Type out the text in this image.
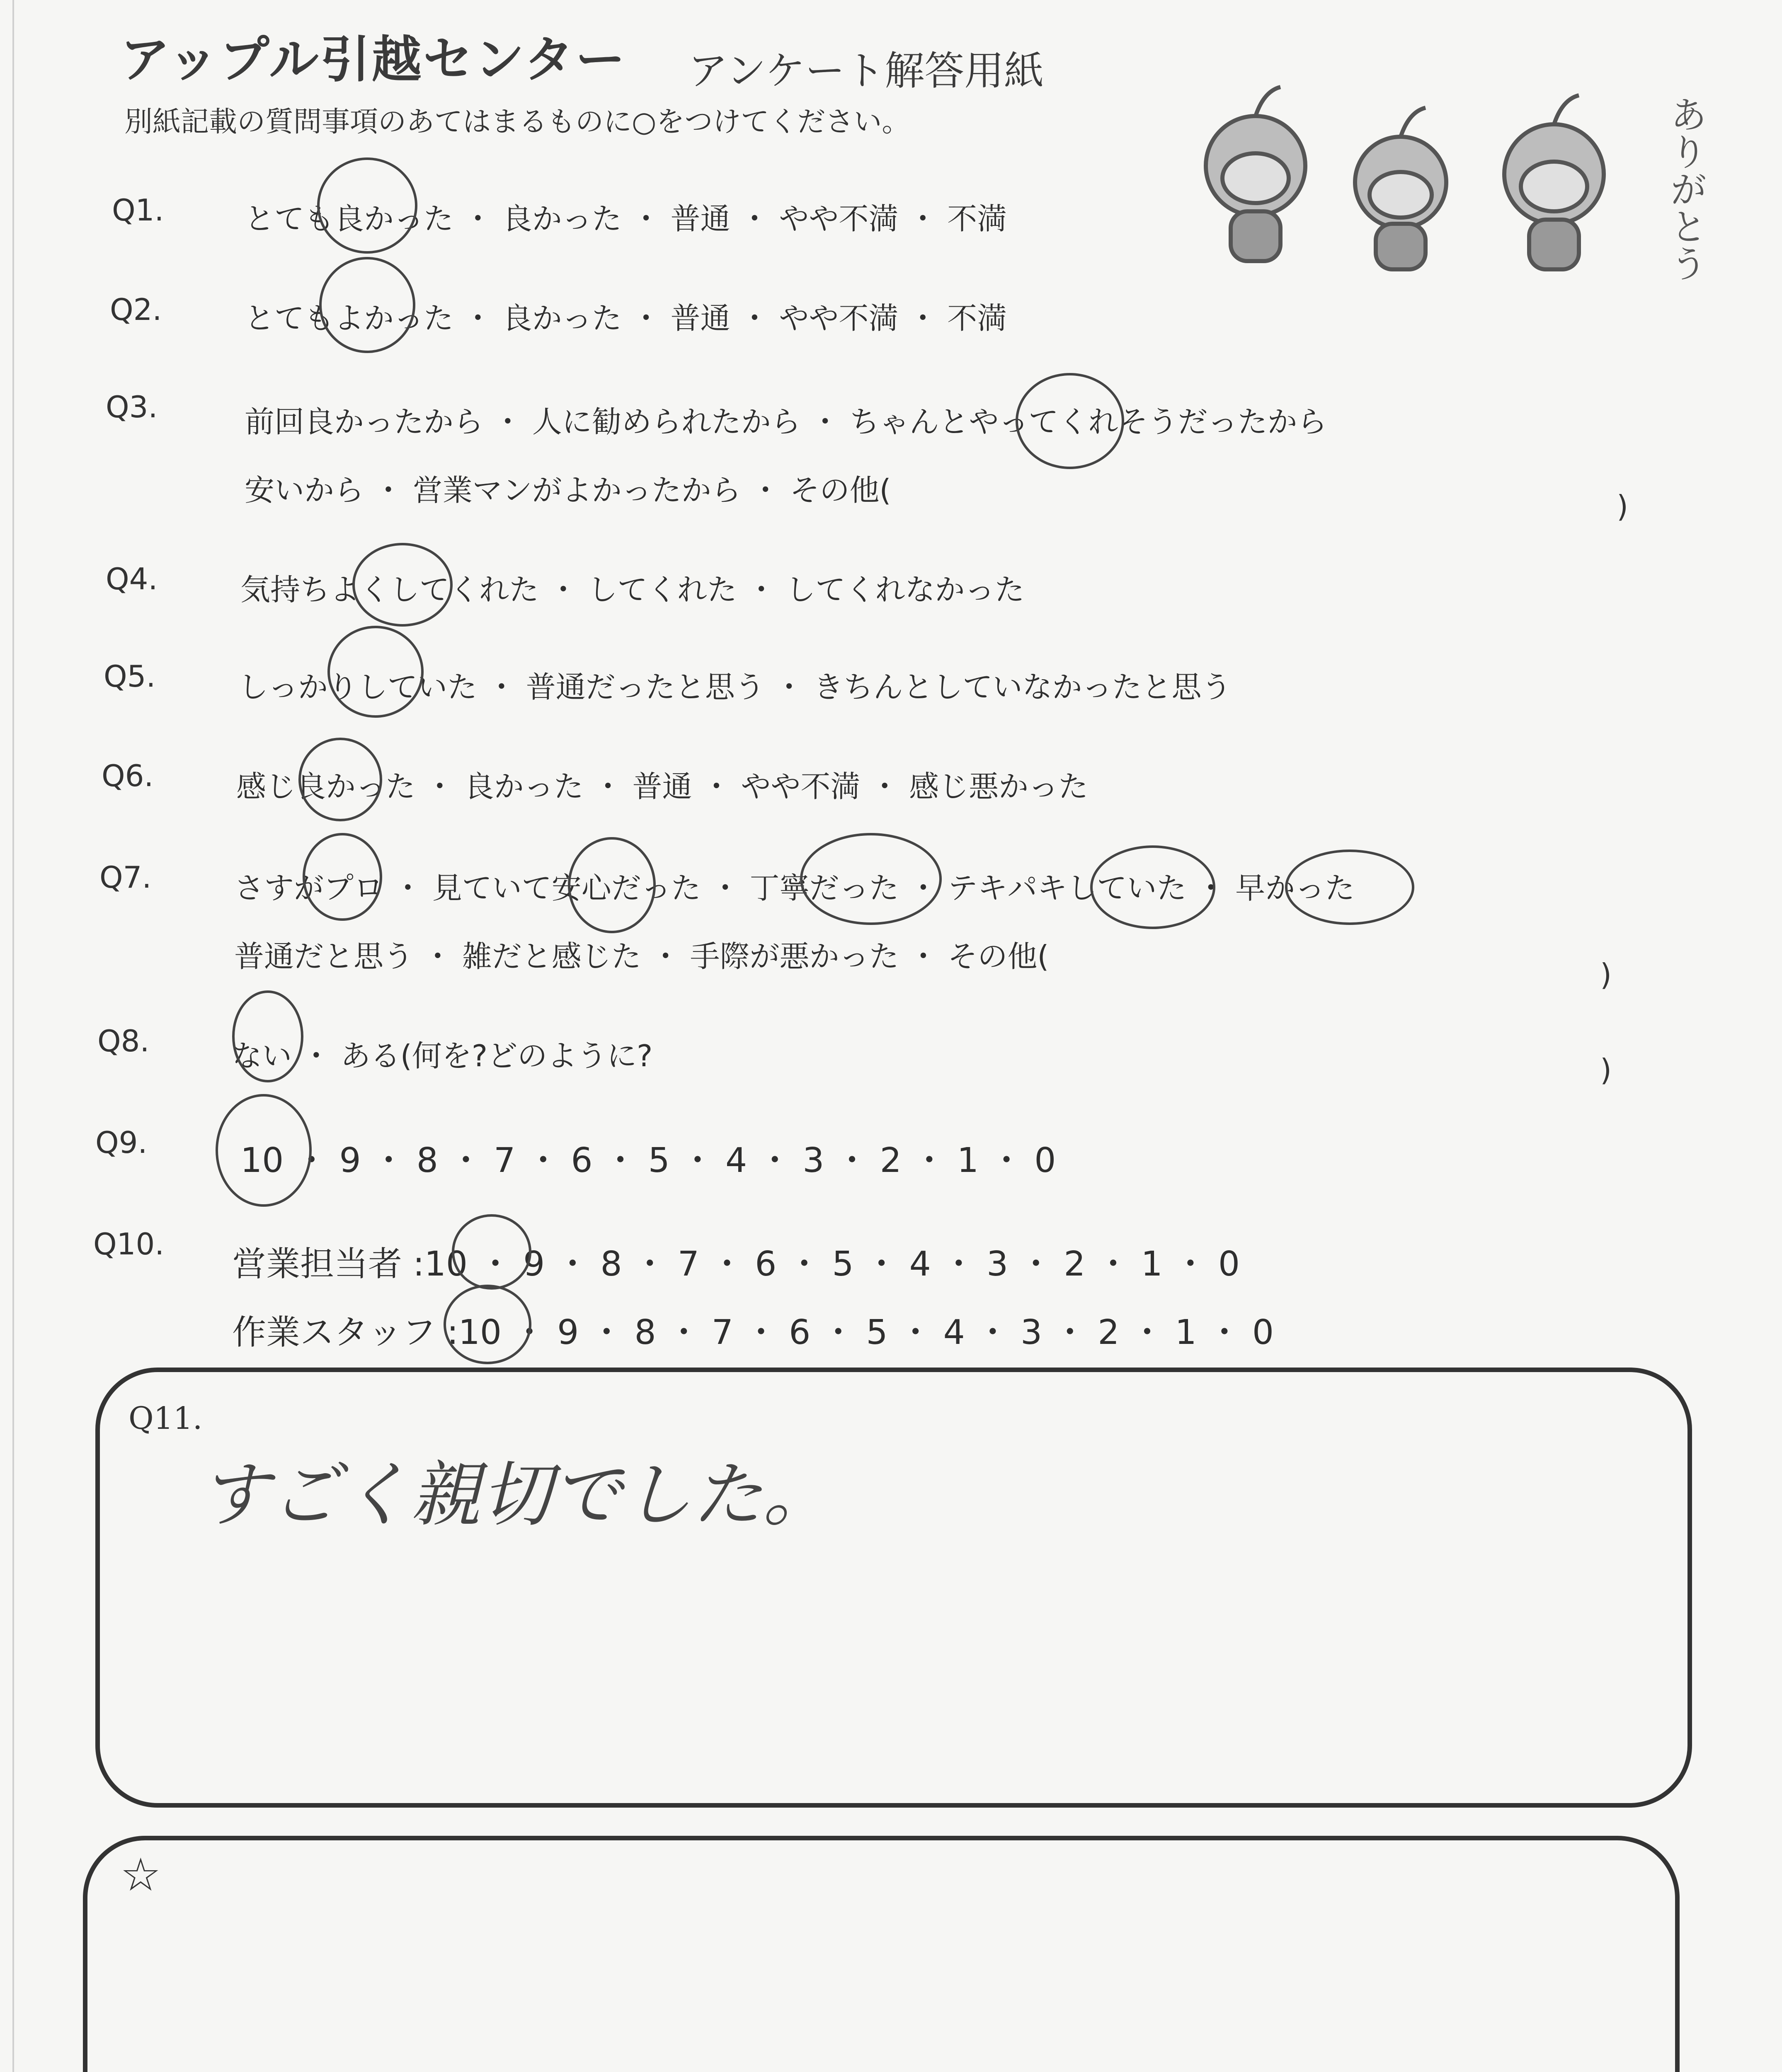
アップル引越センター アンケート解答用紙
別紙記載の質問事項のあてはまるものに○をつけてください。	ありがとう
Q1.	とても良かった ・ 良かった ・ 普通 ・ やや不満 ・ 不満
Q2.	とてもよかった ・ 良かった ・ 普通 ・ やや不満 ・ 不満
Q3.	前回良かったから ・ 人に勧められたから ・ ちゃんとやってくれそうだったから
安いから ・ 営業マンがよかったから ・ その他(	)
Q4.	気持ちよくしてくれた ・ してくれた ・ してくれなかった
Q5.	しっかりしていた ・ 普通だったと思う ・ きちんとしていなかったと思う
Q6.	感じ良かった ・ 良かった ・ 普通 ・ やや不満 ・ 感じ悪かった
Q7.	さすがプロ ・ 見ていて安心だった ・ 丁寧だった ・ テキパキしていた ・ 早かった
普通だと思う ・ 雑だと感じた ・ 手際が悪かった ・ その他(
)
Q8.	ない ・ ある(何を?どのように?	)
Q9.	10 ・ 9 ・ 8 ・ 7 ・ 6 ・ 5 ・ 4 ・ 3 ・ 2 ・ 1 ・ 0
Q10.
営業担当者 :10 ・ 9 ・ 8 ・ 7 ・ 6 ・ 5 ・ 4 ・ 3 ・ 2 ・ 1 ・ 0
作業スタッフ :10 ・ 9 ・ 8 ・ 7 ・ 6 ・ 5 ・ 4 ・ 3 ・ 2 ・ 1 ・ 0
Q11.
すごく親切でした。
☆
